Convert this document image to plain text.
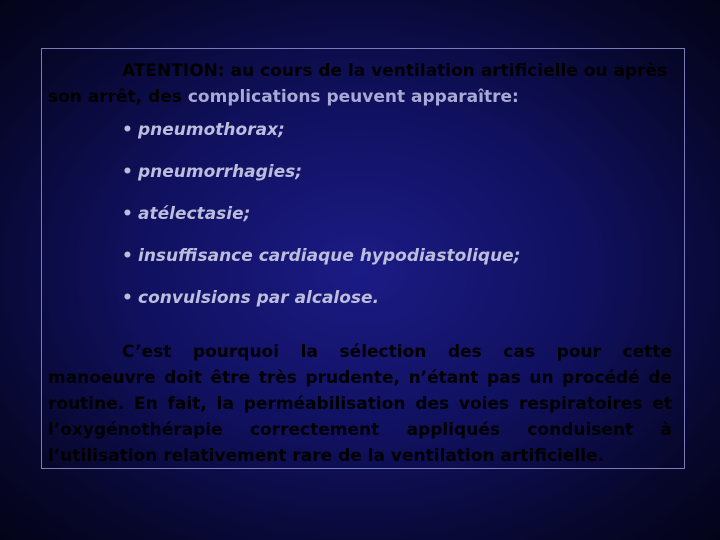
ATENTION: au cours de la ventilation artificielle ou après son arrêt, des complications peuvent apparaître:

• pneumothorax;
• pneumorrhagies;
• atélectasie;
• insuffisance cardiaque hypodiastolique;
• convulsions par alcalose.

C’est pourquoi la sélection des cas pour cette manoeuvre doit être très prudente, n’étant pas un procédé de routine. En fait, la perméabilisation des voies respiratoires et l’oxygénothérapie correctement appliqués conduisent à l’utilisation relativement rare de la ventilation artificielle.
